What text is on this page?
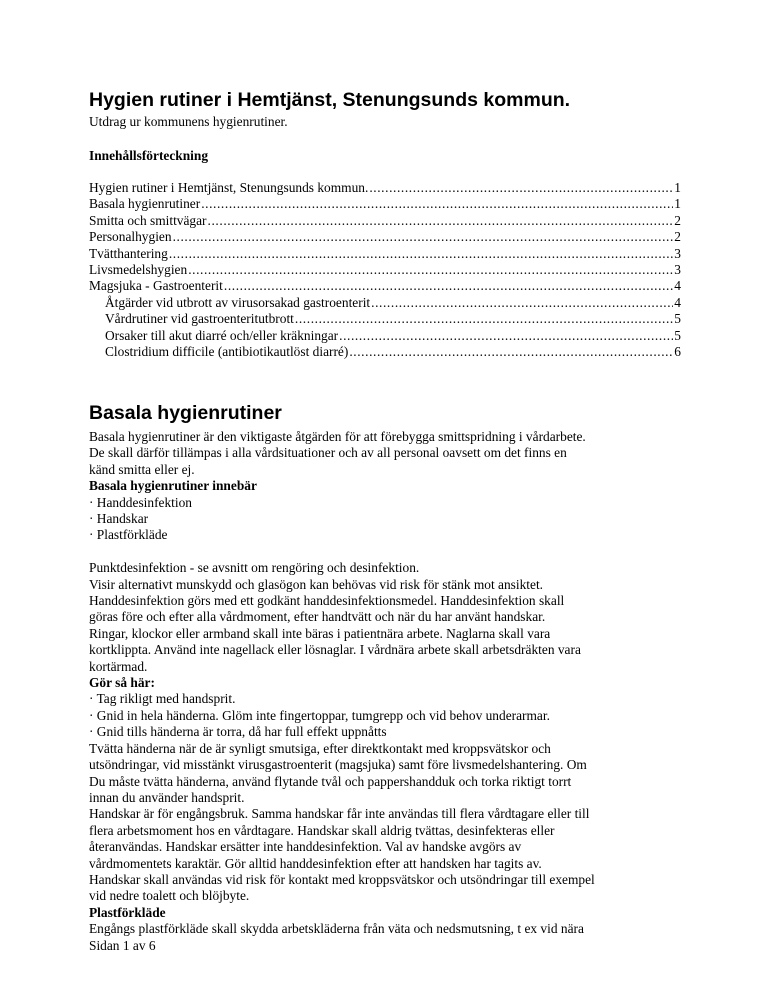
Hygien rutiner i Hemtjänst, Stenungsunds kommun.
Utdrag ur kommunens hygienrutiner.
Innehållsförteckning
Hygien rutiner i Hemtjänst, Stenungsunds kommun. .....	1
Basala hygienrutiner .....	1
Smitta och smittvägar .....	2
Personalhygien .....	2
Tvätthantering .....	3
Livsmedelshygien .....	3
Magsjuka - Gastroenterit .....	4
Åtgärder vid utbrott av virusorsakad gastroenterit .....	4
Vårdrutiner vid gastroenteritutbrott .....	5
Orsaker till akut diarré och/eller kräkningar .....	5
Clostridium difficile (antibiotikautlöst diarré) .....	6
Basala hygienrutiner

Basala hygienrutiner är den viktigaste åtgärden för att förebygga smittspridning i vårdarbete.

De skall därför tillämpas i alla vårdsituationer och av all personal oavsett om det finns en

känd smitta eller ej.

Basala hygienrutiner innebär

· Handdesinfektion

· Handskar

· Plastförkläde

Punktdesinfektion - se avsnitt om rengöring och desinfektion.

Visir alternativt munskydd och glasögon kan behövas vid risk för stänk mot ansiktet.

Handdesinfektion görs med ett godkänt handdesinfektionsmedel. Handdesinfektion skall

göras före och efter alla vårdmoment, efter handtvätt och när du har använt handskar.

Ringar, klockor eller armband skall inte bäras i patientnära arbete. Naglarna skall vara

kortklippta. Använd inte nagellack eller lösnaglar. I vårdnära arbete skall arbetsdräkten vara

kortärmad.

Gör så här:

· Tag rikligt med handsprit.

· Gnid in hela händerna. Glöm inte fingertoppar, tumgrepp och vid behov underarmar.

· Gnid tills händerna är torra, då har full effekt uppnåtts

Tvätta händerna när de är synligt smutsiga, efter direktkontakt med kroppsvätskor och

utsöndringar, vid misstänkt virusgastroenterit (magsjuka) samt före livsmedelshantering. Om

Du måste tvätta händerna, använd flytande tvål och pappershandduk och torka riktigt torrt

innan du använder handsprit.

Handskar är för engångsbruk. Samma handskar får inte användas till flera vårdtagare eller till

flera arbetsmoment hos en vårdtagare. Handskar skall aldrig tvättas, desinfekteras eller

återanvändas. Handskar ersätter inte handdesinfektion. Val av handske avgörs av

vårdmomentets karaktär. Gör alltid handdesinfektion efter att handsken har tagits av.

Handskar skall användas vid risk för kontakt med kroppsvätskor och utsöndringar till exempel

vid nedre toalett och blöjbyte.

Plastförkläde

Engångs plastförkläde skall skydda arbetskläderna från väta och nedsmutsning, t ex vid nära

Sidan 1 av 6
